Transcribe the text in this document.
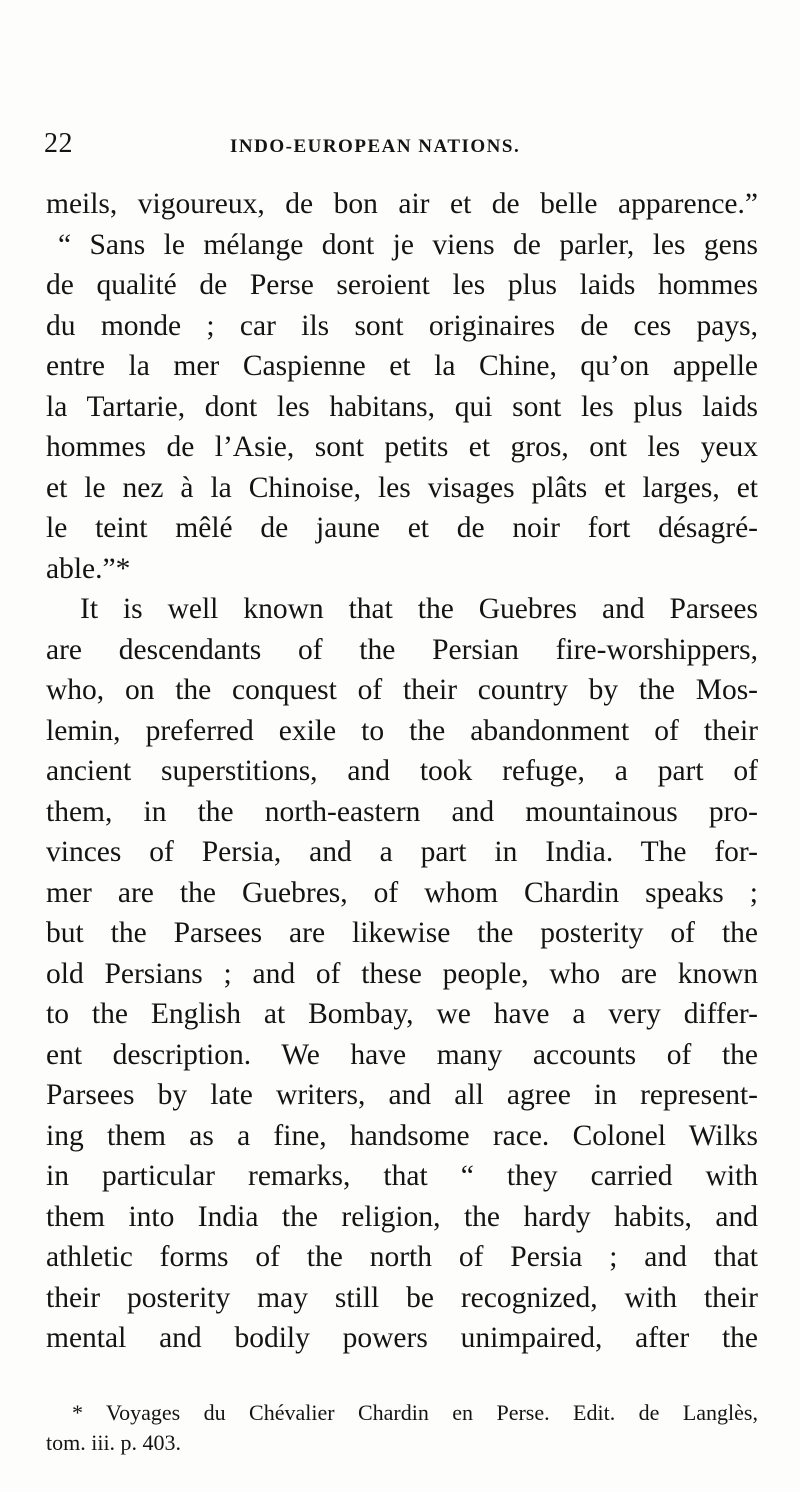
22	INDO-EUROPEAN NATIONS.
meils, vigoureux, de bon air et de belle apparence.”
“ Sans le mélange dont je viens de parler, les gens
de qualité de Perse seroient les plus laids hommes
du monde ; car ils sont originaires de ces pays,
entre la mer Caspienne et la Chine, qu’on appelle
la Tartarie, dont les habitans, qui sont les plus laids
hommes de l’Asie, sont petits et gros, ont les yeux
et le nez à la Chinoise, les visages plâts et larges, et
le teint mêlé de jaune et de noir fort désagré-
able.”*
It is well known that the Guebres and Parsees
are descendants of the Persian fire-worshippers,
who, on the conquest of their country by the Mos-
lemin, preferred exile to the abandonment of their
ancient superstitions, and took refuge, a part of
them, in the north-eastern and mountainous pro-
vinces of Persia, and a part in India. The for-
mer are the Guebres, of whom Chardin speaks ;
but the Parsees are likewise the posterity of the
old Persians ; and of these people, who are known
to the English at Bombay, we have a very differ-
ent description. We have many accounts of the
Parsees by late writers, and all agree in represent-
ing them as a fine, handsome race. Colonel Wilks
in particular remarks, that “ they carried with
them into India the religion, the hardy habits, and
athletic forms of the north of Persia ; and that
their posterity may still be recognized, with their
mental and bodily powers unimpaired, after the
* Voyages du Chévalier Chardin en Perse. Edit. de Langlès,
tom. iii. p. 403.
